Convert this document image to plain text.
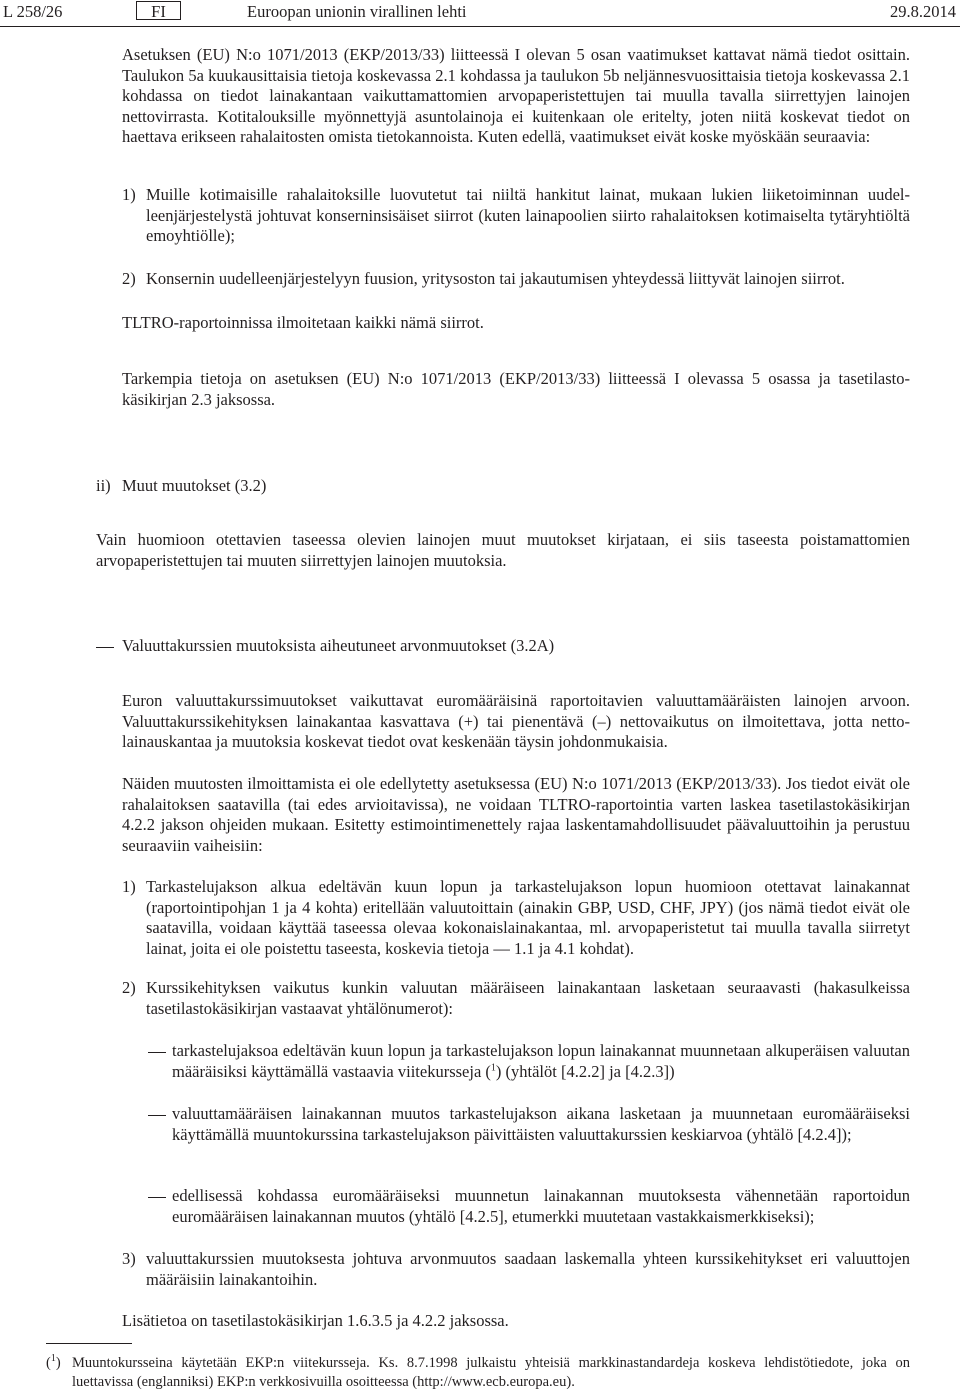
L 258/26	FI	Euroopan unionin virallinen lehti	29.8.2014

Asetuksen (EU) N:o 1071/2013 (EKP/2013/33) liitteessä I olevan 5 osan vaatimukset kattavat nämä tiedot osittain. Taulukon 5a kuukausittaisia tietoja koskevassa 2.1 kohdassa ja taulukon 5b neljännesvuosittaisia tietoja koskevassa 2.1 kohdassa on tiedot lainakantaan vaikuttamattomien arvopaperistettujen tai muulla tavalla siirrettyjen lainojen nettovirrasta. Kotitalouksille myönnettyjä asuntolainoja ei kuitenkaan ole eritelty, joten niitä koskevat tiedot on haettava erikseen rahalaitosten omista tietokannoista. Kuten edellä, vaatimukset eivät koske myöskään seuraavia:

1) Muille kotimaisille rahalaitoksille luovutetut tai niiltä hankitut lainat, mukaan lukien liiketoiminnan uudelleenjärjestelystä johtuvat konserninsisäiset siirrot (kuten lainapoolien siirto rahalaitoksen kotimaiselta tytäryhtiöltä emoyhtiölle);
2) Konsernin uudelleenjärjestelyyn fuusion, yritysoston tai jakautumisen yhteydessä liittyvät lainojen siirrot.

TLTRO-raportoinnissa ilmoitetaan kaikki nämä siirrot.

Tarkempia tietoja on asetuksen (EU) N:o 1071/2013 (EKP/2013/33) liitteessä I olevassa 5 osassa ja tasetilastokäsikirjan 2.3 jaksossa.

ii) Muut muutokset (3.2)

Vain huomioon otettavien taseessa olevien lainojen muut muutokset kirjataan, ei siis taseesta poistamattomien arvopaperistettujen tai muuten siirrettyjen lainojen muutoksia.

Valuuttakurssien muutoksista aiheutuneet arvonmuutokset (3.2A)

Euron valuuttakurssimuutokset vaikuttavat euromääräisinä raportoitavien valuuttamääräisten lainojen arvoon. Valuuttakurssikehityksen lainakantaa kasvattava (+) tai pienentävä (–) nettovaikutus on ilmoitettava, jotta nettolainauskantaa ja muutoksia koskevat tiedot ovat keskenään täysin johdonmukaisia.

Näiden muutosten ilmoittamista ei ole edellytetty asetuksessa (EU) N:o 1071/2013 (EKP/2013/33). Jos tiedot eivät ole rahalaitoksen saatavilla (tai edes arvioitavissa), ne voidaan TLTRO-raportointia varten laskea tasetilastokäsikirjan 4.2.2 jakson ohjeiden mukaan. Esitetty estimointimenettely rajaa laskentamahdollisuudet päävaluuttoihin ja perustuu seuraaviin vaiheisiin:

1) Tarkastelujakson alkua edeltävän kuun lopun ja tarkastelujakson lopun huomioon otettavat lainakannat (raportointipohjan 1 ja 4 kohta) eritellään valuutoittain (ainakin GBP, USD, CHF, JPY) (jos nämä tiedot eivät ole saatavilla, voidaan käyttää taseessa olevaa kokonaislainakantaa, ml. arvopaperistetut tai muulla tavalla siirretyt lainat, joita ei ole poistettu taseesta, koskevia tietoja — 1.1 ja 4.1 kohdat).
2) Kurssikehityksen vaikutus kunkin valuutan määräiseen lainakantaan lasketaan seuraavasti (hakasulkeissa tasetilastokäsikirjan vastaavat yhtälönumerot):
tarkastelujaksoa edeltävän kuun lopun ja tarkastelujakson lopun lainakannat muunnetaan alkuperäisen valuutan määräisiksi käyttämällä vastaavia viitekursseja ($^1$) (yhtälöt [4.2.2] ja [4.2.3])
valuuttamääräisen lainakannan muutos tarkastelujakson aikana lasketaan ja muunnetaan euromääräiseksi käyttämällä muuntokurssina tarkastelujakson päivittäisten valuuttakurssien keskiarvoa (yhtälö [4.2.4]);
edellisessä kohdassa euromääräiseksi muunnetun lainakannan muutoksesta vähennetään raportoidun euromääräisen lainakannan muutos (yhtälö [4.2.5], etumerkki muutetaan vastakkaismerkkiseksi);
3) valuuttakurssien muutoksesta johtuva arvonmuutos saadaan laskemalla yhteen kurssikehitykset eri valuuttojen määräisiin lainakantoihin.

Lisätietoa on tasetilastokäsikirjan 1.6.3.5 ja 4.2.2 jaksossa.

($^1$) Muuntokursseina käytetään EKP:n viitekursseja. Ks. 8.7.1998 julkaistu yhteisiä markkinastandardeja koskeva lehdistötiedote, joka on luettavissa (englanniksi) EKP:n verkkosivuilla osoitteessa (http://www.ecb.europa.eu).
